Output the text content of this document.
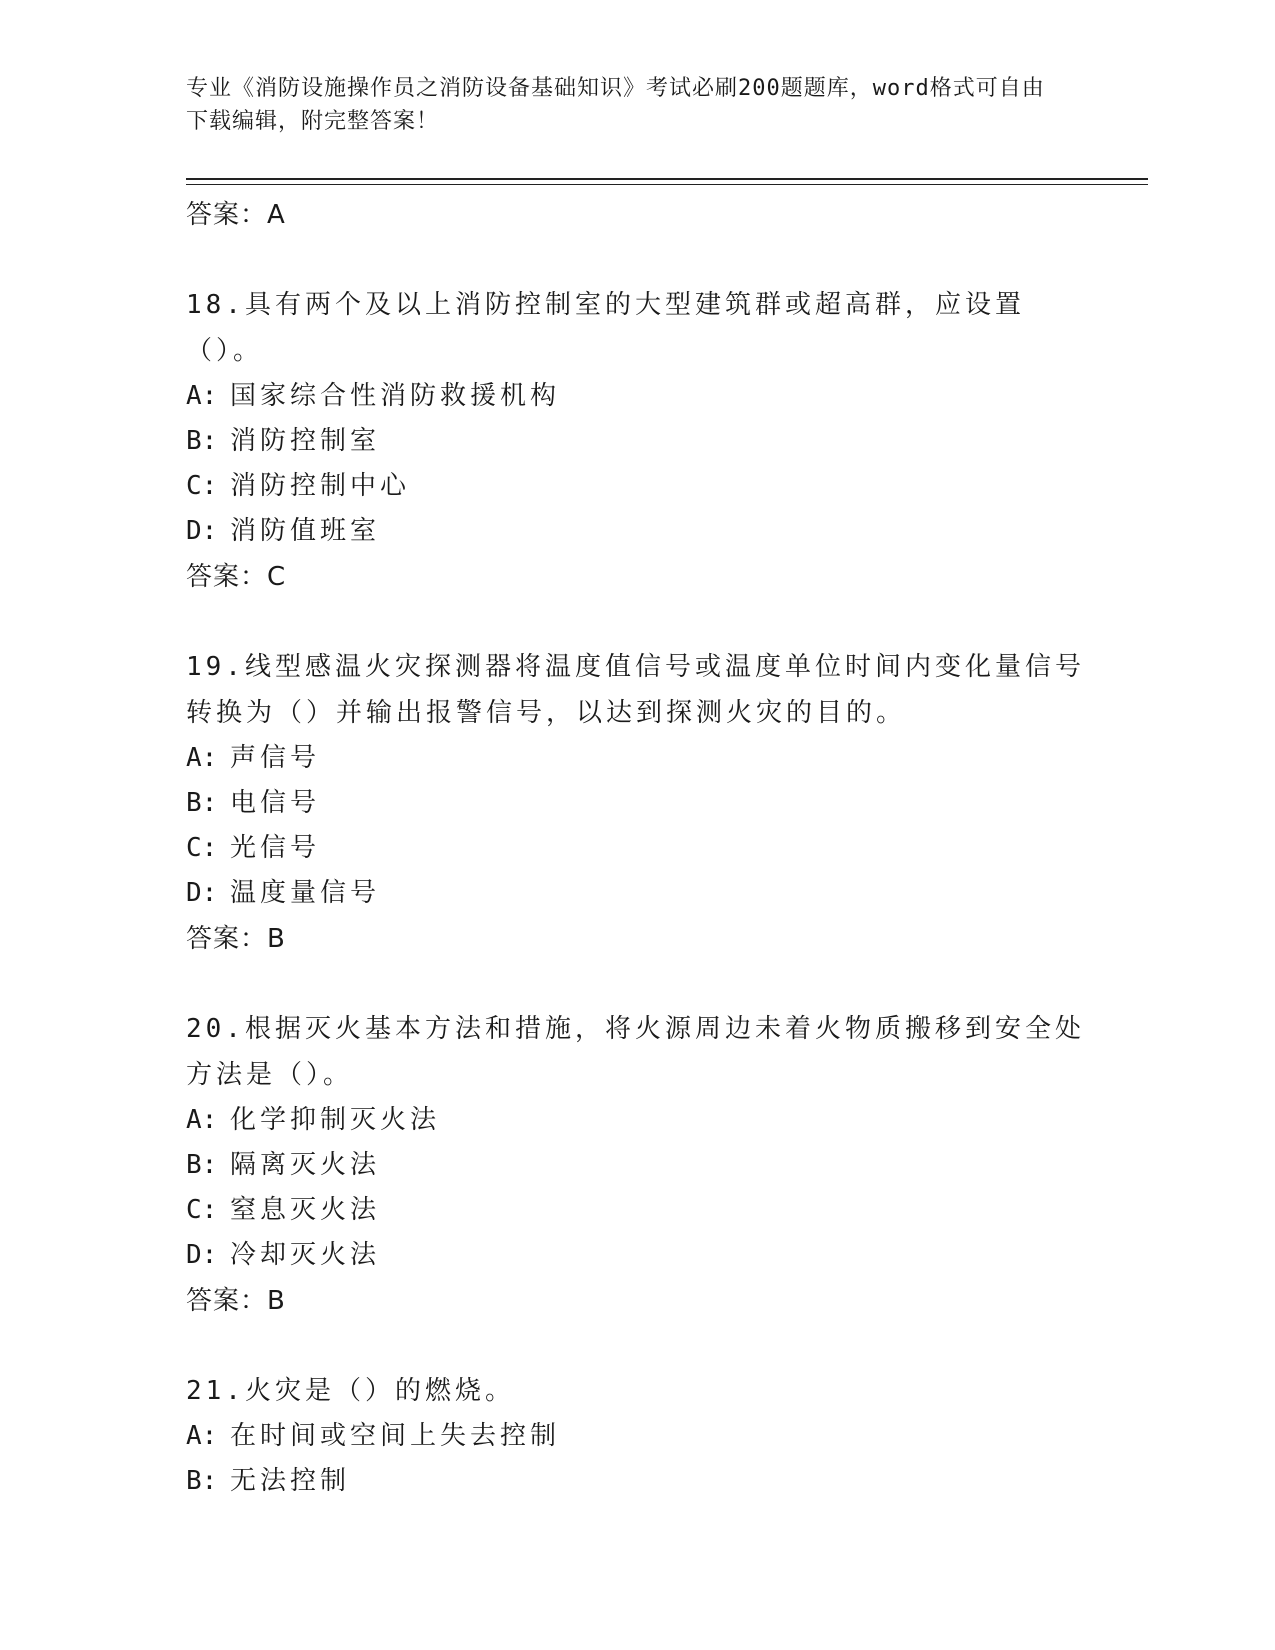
专业《消防设施操作员之消防设备基础知识》考试必刷200题题库，word格式可自由下载编辑，附完整答案！
答案：A
18.具有两个及以上消防控制室的大型建筑群或超高群，应设置（）。
A: 国家综合性消防救援机构
B: 消防控制室
C: 消防控制中心
D: 消防值班室
答案：C
19.线型感温火灾探测器将温度值信号或温度单位时间内变化量信号转换为（）并输出报警信号，以达到探测火灾的目的。
A: 声信号
B: 电信号
C: 光信号
D: 温度量信号
答案：B
20.根据灭火基本方法和措施，将火源周边未着火物质搬移到安全处方法是（）。
A: 化学抑制灭火法
B: 隔离灭火法
C: 窒息灭火法
D: 冷却灭火法
答案：B
21.火灾是（）的燃烧。
A: 在时间或空间上失去控制
B: 无法控制
